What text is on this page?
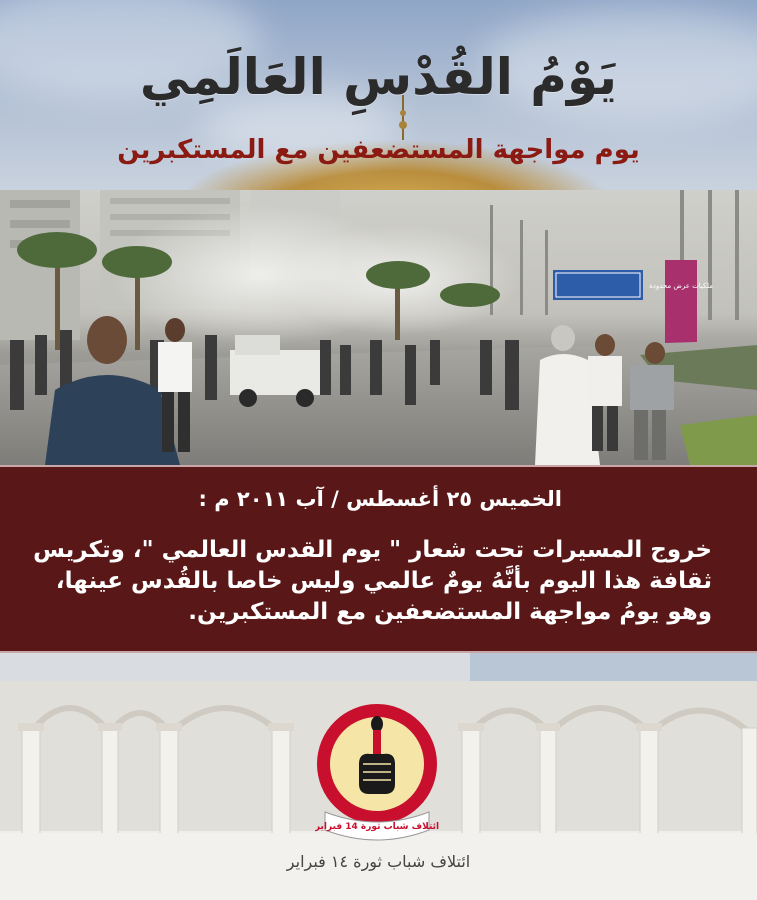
يَوْمُ القُدْسِ العَالَمِي
يوم مواجهة المستضعفين مع المستكبرين
ملكيات عرض محدودة
الخميس ٢٥ أغسطس / آب ٢٠١١ م :
خروج المسيرات تحت شعار " يوم القدس العالمي "، وتكريس ثقافة هذا اليوم بأنَّهُ يومٌ عالمي وليس خاصا بالقُدس عينها، وهو يومُ مواجهة المستضعفين مع المستكبرين.
ائتلاف شباب ثورة 14 فبراير
ائتلاف شباب ثورة ١٤ فبراير
